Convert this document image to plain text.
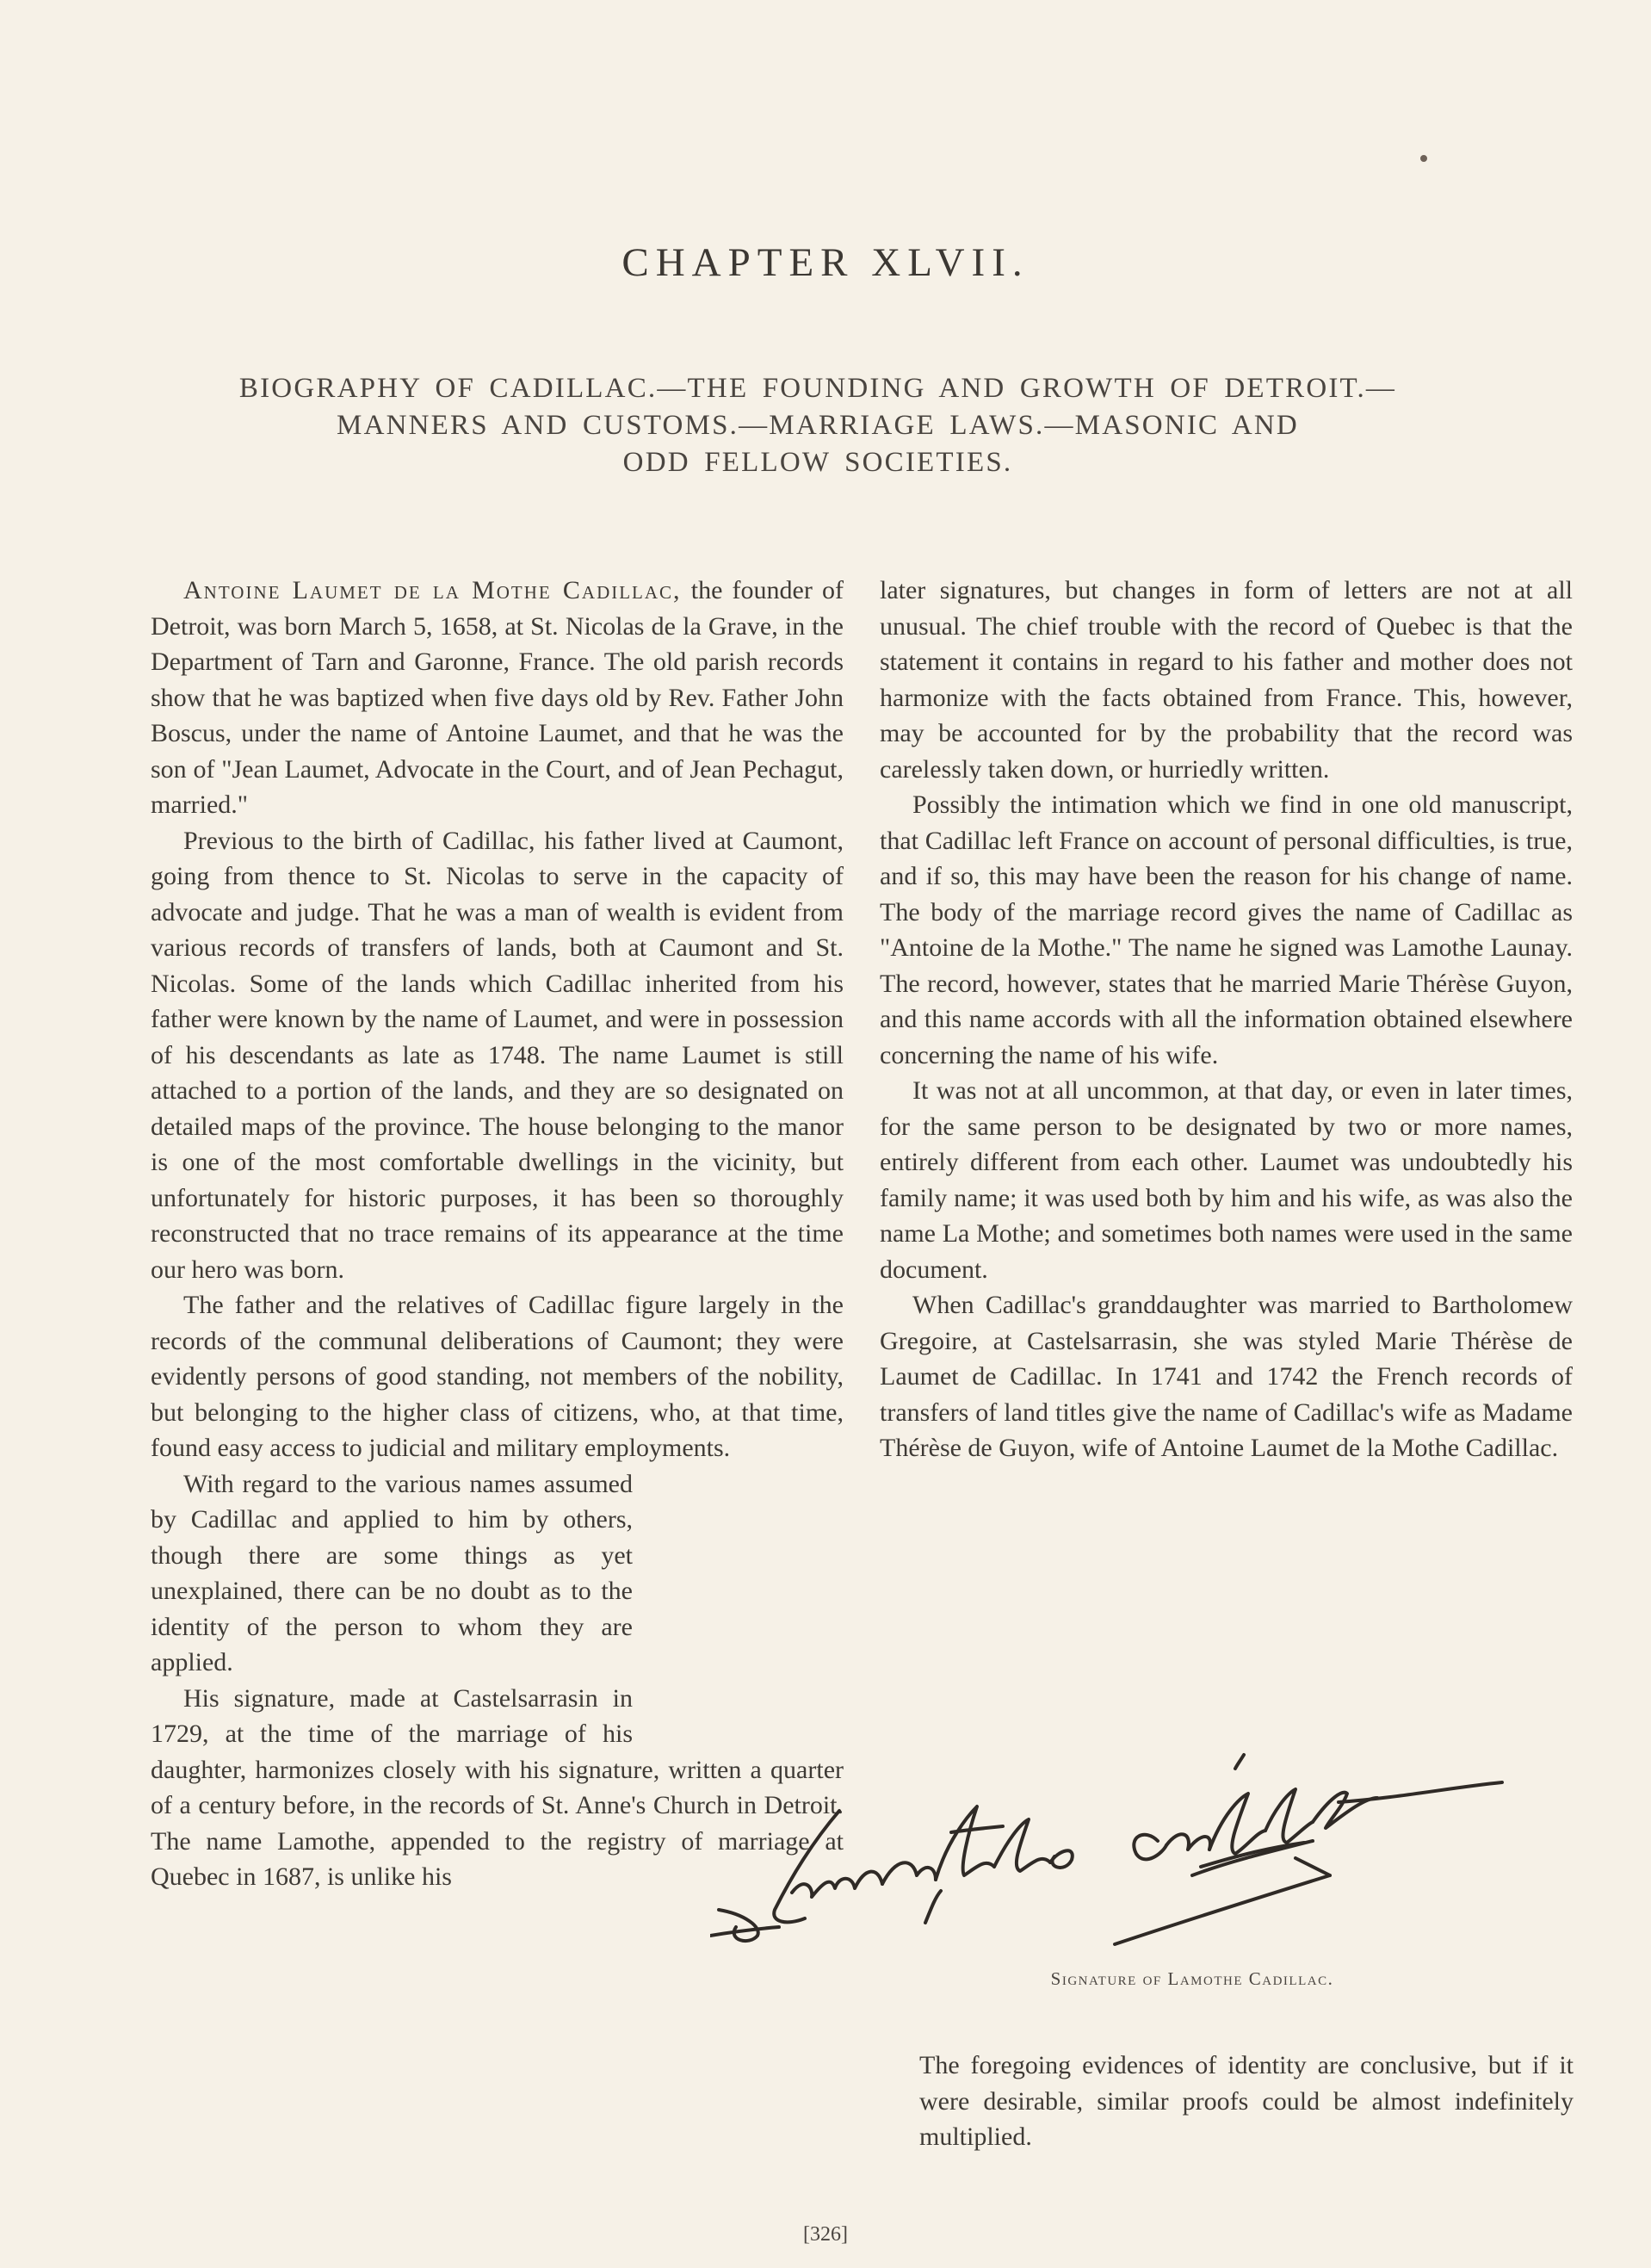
CHAPTER XLVII.
BIOGRAPHY OF CADILLAC.—THE FOUNDING AND GROWTH OF DETROIT.—
MANNERS AND CUSTOMS.—MARRIAGE LAWS.—MASONIC AND
ODD FELLOW SOCIETIES.

Antoine Laumet de la Mothe Cadillac, the founder of Detroit, was born March 5, 1658, at St. Nicolas de la Grave, in the Department of Tarn and Garonne, France. The old parish records show that he was baptized when five days old by Rev. Father John Boscus, under the name of Antoine Laumet, and that he was the son of "Jean Laumet, Advocate in the Court, and of Jean Pechagut, married."

Previous to the birth of Cadillac, his father lived at Caumont, going from thence to St. Nicolas to serve in the capacity of advocate and judge. That he was a man of wealth is evident from various records of transfers of lands, both at Caumont and St. Nicolas. Some of the lands which Cadillac inherited from his father were known by the name of Laumet, and were in possession of his descendants as late as 1748. The name Laumet is still attached to a portion of the lands, and they are so designated on detailed maps of the province. The house belonging to the manor is one of the most comfortable dwellings in the vicinity, but unfortunately for historic purposes, it has been so thoroughly reconstructed that no trace remains of its appearance at the time our hero was born.

The father and the relatives of Cadillac figure largely in the records of the communal deliberations of Caumont; they were evidently persons of good standing, not members of the nobility, but belonging to the higher class of citizens, who, at that time, found easy access to judicial and military employments.

With regard to the various names assumed by Cadillac and applied to him by others, though there are some things as yet unexplained, there can be no doubt as to the identity of the person to whom they are applied.

His signature, made at Castelsarrasin in 1729, at the time of the marriage of his daughter, harmonizes closely with his signature, written a quarter of a century before, in the records of St. Anne's Church in Detroit. The name Lamothe, appended to the registry of marriage at Quebec in 1687, is unlike his

later signatures, but changes in form of letters are not at all unusual. The chief trouble with the record of Quebec is that the statement it contains in regard to his father and mother does not harmonize with the facts obtained from France. This, however, may be accounted for by the probability that the record was carelessly taken down, or hurriedly written.

Possibly the intimation which we find in one old manuscript, that Cadillac left France on account of personal difficulties, is true, and if so, this may have been the reason for his change of name. The body of the marriage record gives the name of Cadillac as "Antoine de la Mothe." The name he signed was Lamothe Launay. The record, however, states that he married Marie Thérèse Guyon, and this name accords with all the information obtained elsewhere concerning the name of his wife.

It was not at all uncommon, at that day, or even in later times, for the same person to be designated by two or more names, entirely different from each other. Laumet was undoubtedly his family name; it was used both by him and his wife, as was also the name La Mothe; and sometimes both names were used in the same document.

When Cadillac's granddaughter was married to Bartholomew Gregoire, at Castelsarrasin, she was styled Marie Thérèse de Laumet de Cadillac. In 1741 and 1742 the French records of transfers of land titles give the name of Cadillac's wife as Madame Thérèse de Guyon, wife of Antoine Laumet de la Mothe Cadillac.

Signature of Lamothe Cadillac.

The foregoing evidences of identity are conclusive, but if it were desirable, similar proofs could be almost indefinitely multiplied.

[326]
